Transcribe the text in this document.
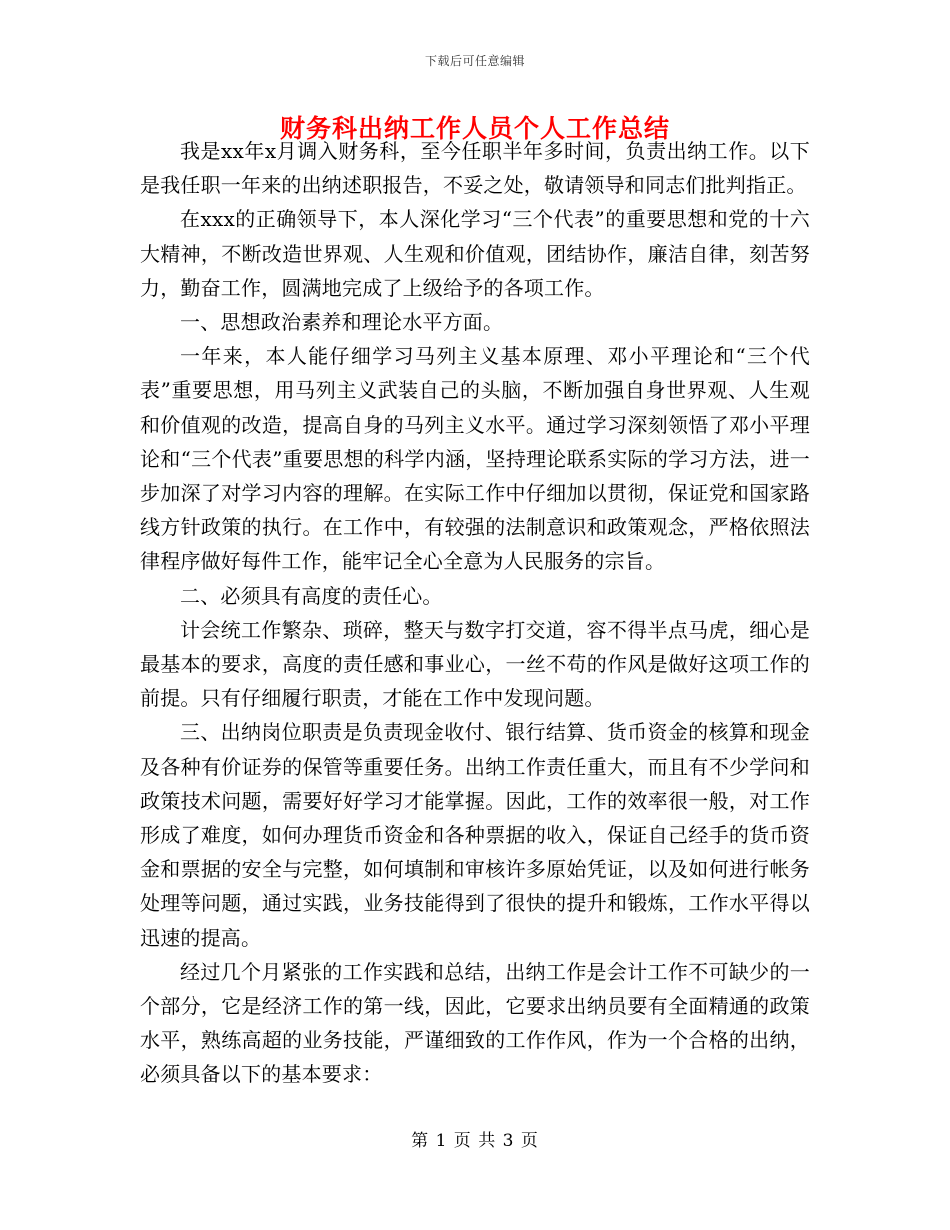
下载后可任意编辑
财务科出纳工作人员个人工作总结

我是xx年x月调入财务科，至今任职半年多时间，负责出纳工作。以下是我任职一年来的出纳述职报告，不妥之处，敬请领导和同志们批判指正。

在xxx的正确领导下，本人深化学习“三个代表”的重要思想和党的十六大精神，不断改造世界观、人生观和价值观，团结协作，廉洁自律，刻苦努力，勤奋工作，圆满地完成了上级给予的各项工作。

一、思想政治素养和理论水平方面。

一年来，本人能仔细学习马列主义基本原理、邓小平理论和“三个代表”重要思想，用马列主义武装自己的头脑，不断加强自身世界观、人生观和价值观的改造，提高自身的马列主义水平。通过学习深刻领悟了邓小平理论和“三个代表”重要思想的科学内涵，坚持理论联系实际的学习方法，进一步加深了对学习内容的理解。在实际工作中仔细加以贯彻，保证党和国家路线方针政策的执行。在工作中，有较强的法制意识和政策观念，严格依照法律程序做好每件工作，能牢记全心全意为人民服务的宗旨。

二、必须具有高度的责任心。

计会统工作繁杂、琐碎，整天与数字打交道，容不得半点马虎，细心是最基本的要求，高度的责任感和事业心，一丝不苟的作风是做好这项工作的前提。只有仔细履行职责，才能在工作中发现问题。

三、出纳岗位职责是负责现金收付、银行结算、货币资金的核算和现金及各种有价证券的保管等重要任务。出纳工作责任重大，而且有不少学问和政策技术问题，需要好好学习才能掌握。因此，工作的效率很一般，对工作形成了难度，如何办理货币资金和各种票据的收入，保证自己经手的货币资金和票据的安全与完整，如何填制和审核许多原始凭证，以及如何进行帐务处理等问题，通过实践，业务技能得到了很快的提升和锻炼，工作水平得以迅速的提高。

经过几个月紧张的工作实践和总结，出纳工作是会计工作不可缺少的一个部分，它是经济工作的第一线，因此，它要求出纳员要有全面精通的政策水平，熟练高超的业务技能，严谨细致的工作作风，作为一个合格的出纳，必须具备以下的基本要求：

第 1 页 共 3 页
